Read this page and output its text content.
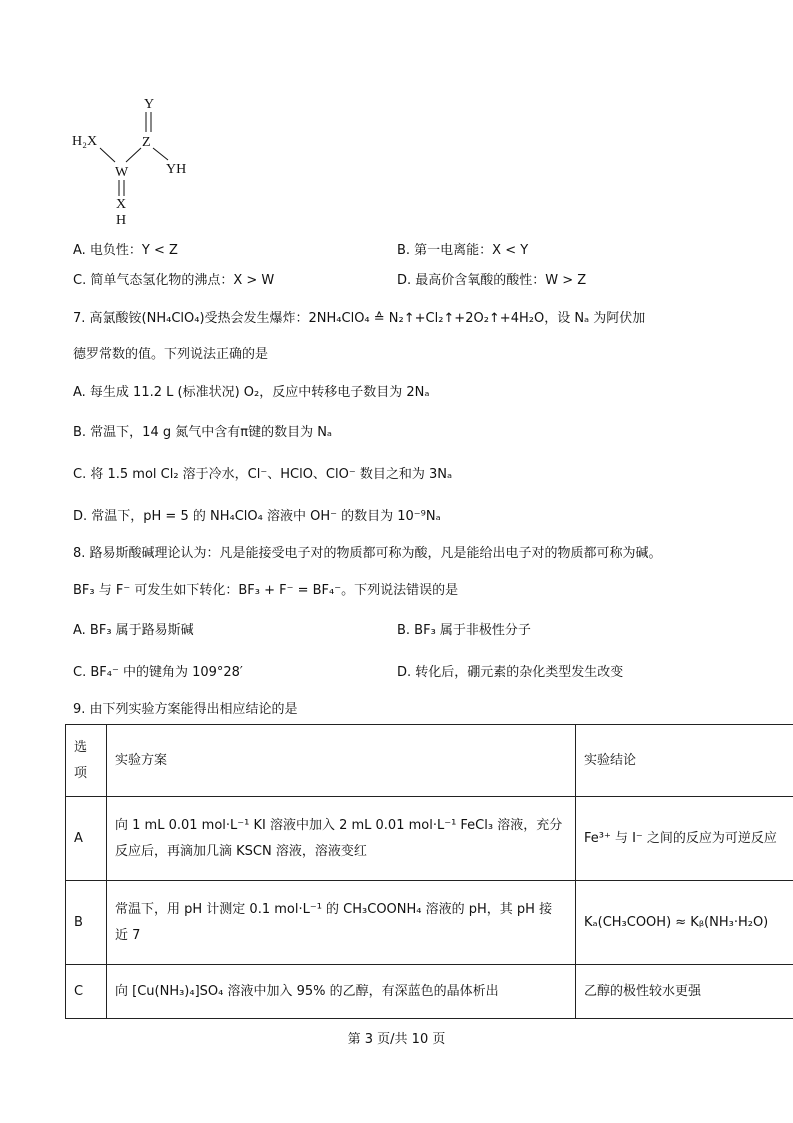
Y
Z
YH
H₂X
W
X
H
A. 电负性：Y < Z	B. 第一电离能：X < Y
C. 简单气态氢化物的沸点：X > W	D. 最高价含氧酸的酸性：W > Z
7. 高氯酸铵(NH₄ClO₄)受热会发生爆炸：2NH₄ClO₄ ≙ N₂↑+Cl₂↑+2O₂↑+4H₂O，设 Nₐ 为阿伏加
德罗常数的值。下列说法正确的是
A. 每生成 11.2 L (标准状况) O₂，反应中转移电子数目为 2Nₐ
B. 常温下，14 g 氮气中含有π键的数目为 Nₐ
C. 将 1.5 mol Cl₂ 溶于冷水，Cl⁻、HClO、ClO⁻ 数目之和为 3Nₐ
D. 常温下，pH = 5 的 NH₄ClO₄ 溶液中 OH⁻ 的数目为 10⁻⁹Nₐ
8. 路易斯酸碱理论认为：凡是能接受电子对的物质都可称为酸，凡是能给出电子对的物质都可称为碱。
BF₃ 与 F⁻ 可发生如下转化：BF₃ + F⁻ = BF₄⁻。下列说法错误的是
A. BF₃ 属于路易斯碱	B. BF₃ 属于非极性分子
C. BF₄⁻ 中的键角为 109°28′	D. 转化后，硼元素的杂化类型发生改变
9. 由下列实验方案能得出相应结论的是
选
项	实验方案	实验结论
A	向 1 mL 0.01 mol·L⁻¹ KI 溶液中加入 2 mL 0.01 mol·L⁻¹ FeCl₃ 溶液，充分
反应后，再滴加几滴 KSCN 溶液，溶液变红	Fe³⁺ 与 I⁻ 之间的反应为可逆反应
B	常温下，用 pH 计测定 0.1 mol·L⁻¹ 的 CH₃COONH₄ 溶液的 pH，其 pH 接
近 7	Kₐ(CH₃COOH) ≈ Kᵦ(NH₃·H₂O)
C	向 [Cu(NH₃)₄]SO₄ 溶液中加入 95% 的乙醇，有深蓝色的晶体析出	乙醇的极性较水更强
第 3 页/共 10 页
